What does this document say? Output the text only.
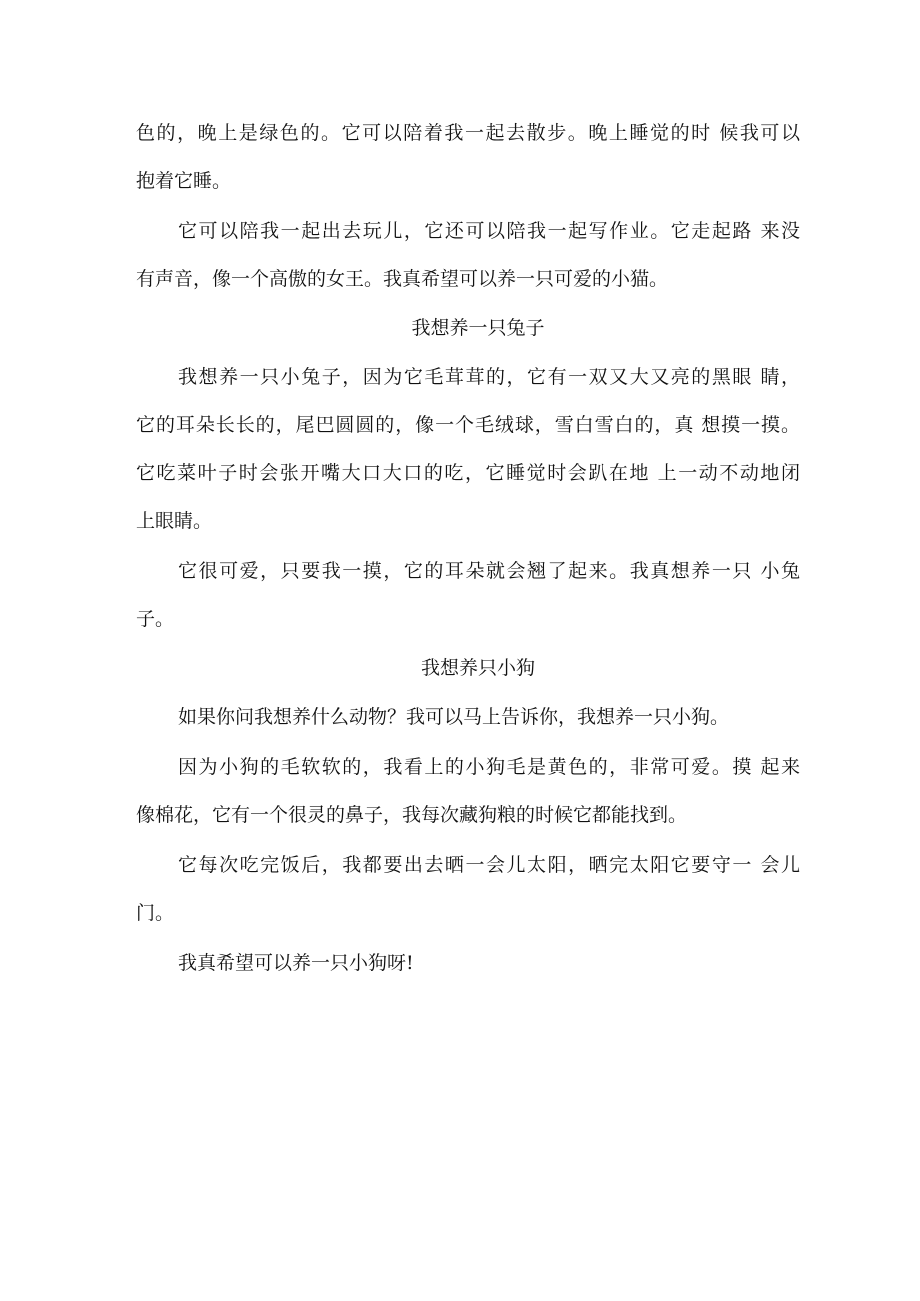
色的，晚上是绿色的。它可以陪着我一起去散步。晚上睡觉的时 候我可以
抱着它睡。
它可以陪我一起出去玩儿，它还可以陪我一起写作业。它走起路 来没
有声音，像一个高傲的女王。我真希望可以养一只可爱的小猫。
我想养一只兔子
我想养一只小兔子，因为它毛茸茸的，它有一双又大又亮的黑眼 睛，
它的耳朵长长的，尾巴圆圆的，像一个毛绒球，雪白雪白的，真 想摸一摸。
它吃菜叶子时会张开嘴大口大口的吃，它睡觉时会趴在地 上一动不动地闭
上眼睛。
它很可爱，只要我一摸，它的耳朵就会翘了起来。我真想养一只 小兔
子。
我想养只小狗
如果你问我想养什么动物？我可以马上告诉你，我想养一只小狗。
因为小狗的毛软软的，我看上的小狗毛是黄色的，非常可爱。摸 起来
像棉花，它有一个很灵的鼻子，我每次藏狗粮的时候它都能找到。
它每次吃完饭后，我都要出去晒一会儿太阳，晒完太阳它要守一 会儿
门。
我真希望可以养一只小狗呀!
